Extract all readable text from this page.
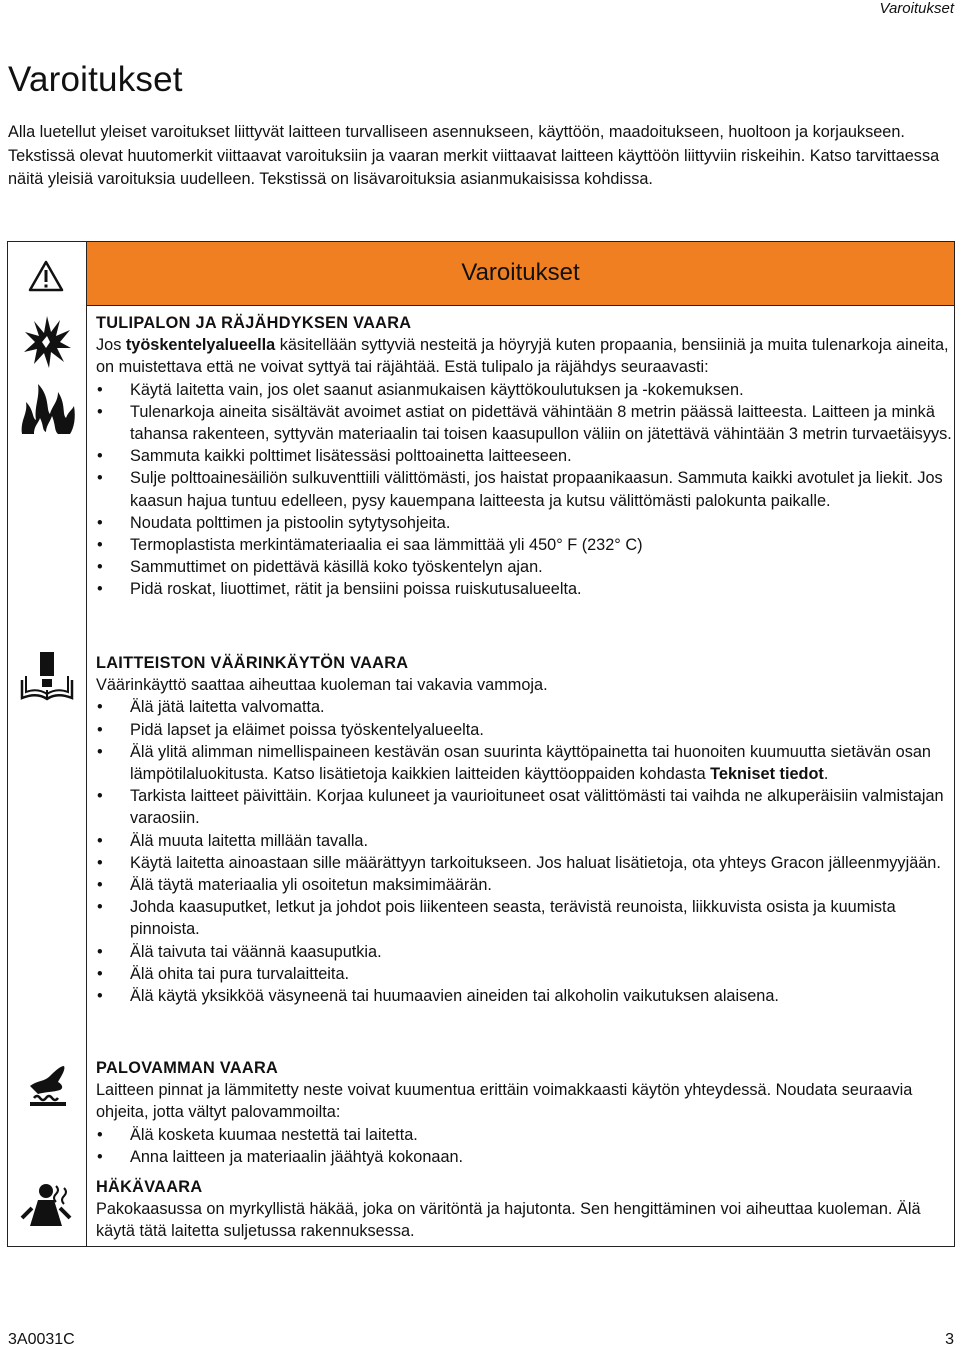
Varoitukset
Varoitukset

Alla luetellut yleiset varoitukset liittyvät laitteen turvalliseen asennukseen, käyttöön, maadoitukseen, huoltoon ja korjaukseen. Tekstissä olevat huutomerkit viittaavat varoituksiin ja vaaran merkit viittaavat laitteen käyttöön liittyviin riskeihin. Katso tarvittaessa näitä yleisiä varoituksia uudelleen. Tekstissä on lisävaroituksia asianmukaisissa kohdissa.

Varoitukset

TULIPALON JA RÄJÄHDYKSEN VAARA

Jos työskentelyalueella käsitellään syttyviä nesteitä ja höyryjä kuten propaania, bensiiniä ja muita tulenarkoja aineita, on muistettava että ne voivat syttyä tai räjähtää. Estä tulipalo ja räjähdys seuraavasti:

• Käytä laitetta vain, jos olet saanut asianmukaisen käyttökoulutuksen ja -kokemuksen.
• Tulenarkoja aineita sisältävät avoimet astiat on pidettävä vähintään 8 metrin päässä laitteesta. Laitteen ja minkä tahansa rakenteen, syttyvän materiaalin tai toisen kaasupullon väliin on jätettävä vähintään 3 metrin turvaetäisyys.
• Sammuta kaikki polttimet lisätessäsi polttoainetta laitteeseen.
• Sulje polttoainesäiliön sulkuventtiili välittömästi, jos haistat propaanikaasun. Sammuta kaikki avotulet ja liekit. Jos kaasun hajua tuntuu edelleen, pysy kauempana laitteesta ja kutsu välittömästi palokunta paikalle.
• Noudata polttimen ja pistoolin sytytysohjeita.
• Termoplastista merkintämateriaalia ei saa lämmittää yli 450° F (232° C)
• Sammuttimet on pidettävä käsillä koko työskentelyn ajan.
• Pidä roskat, liuottimet, rätit ja bensiini poissa ruiskutusalueelta.

LAITTEISTON VÄÄRINKÄYTÖN VAARA

Väärinkäyttö saattaa aiheuttaa kuoleman tai vakavia vammoja.

• Älä jätä laitetta valvomatta.
• Pidä lapset ja eläimet poissa työskentelyalueelta.
• Älä ylitä alimman nimellispaineen kestävän osan suurinta käyttöpainetta tai huonoiten kuumuutta sietävän osan lämpötilaluokitusta. Katso lisätietoja kaikkien laitteiden käyttöoppaiden kohdasta Tekniset tiedot.
• Tarkista laitteet päivittäin. Korjaa kuluneet ja vaurioituneet osat välittömästi tai vaihda ne alkuperäisiin valmistajan varaosiin.
• Älä muuta laitetta millään tavalla.
• Käytä laitetta ainoastaan sille määrättyyn tarkoitukseen. Jos haluat lisätietoja, ota yhteys Gracon jälleenmyyjään.
• Älä täytä materiaalia yli osoitetun maksimimäärän.
• Johda kaasuputket, letkut ja johdot pois liikenteen seasta, terävistä reunoista, liikkuvista osista ja kuumista pinnoista.
• Älä taivuta tai väännä kaasuputkia.
• Älä ohita tai pura turvalaitteita.
• Älä käytä yksikköä väsyneenä tai huumaavien aineiden tai alkoholin vaikutuksen alaisena.

PALOVAMMAN VAARA

Laitteen pinnat ja lämmitetty neste voivat kuumentua erittäin voimakkaasti käytön yhteydessä. Noudata seuraavia ohjeita, jotta vältyt palovammoilta:

• Älä kosketa kuumaa nestettä tai laitetta.
• Anna laitteen ja materiaalin jäähtyä kokonaan.

HÄKÄVAARA

Pakokaasussa on myrkyllistä häkää, joka on väritöntä ja hajutonta. Sen hengittäminen voi aiheuttaa kuoleman. Älä käytä tätä laitetta suljetussa rakennuksessa.

3A0031C	3
